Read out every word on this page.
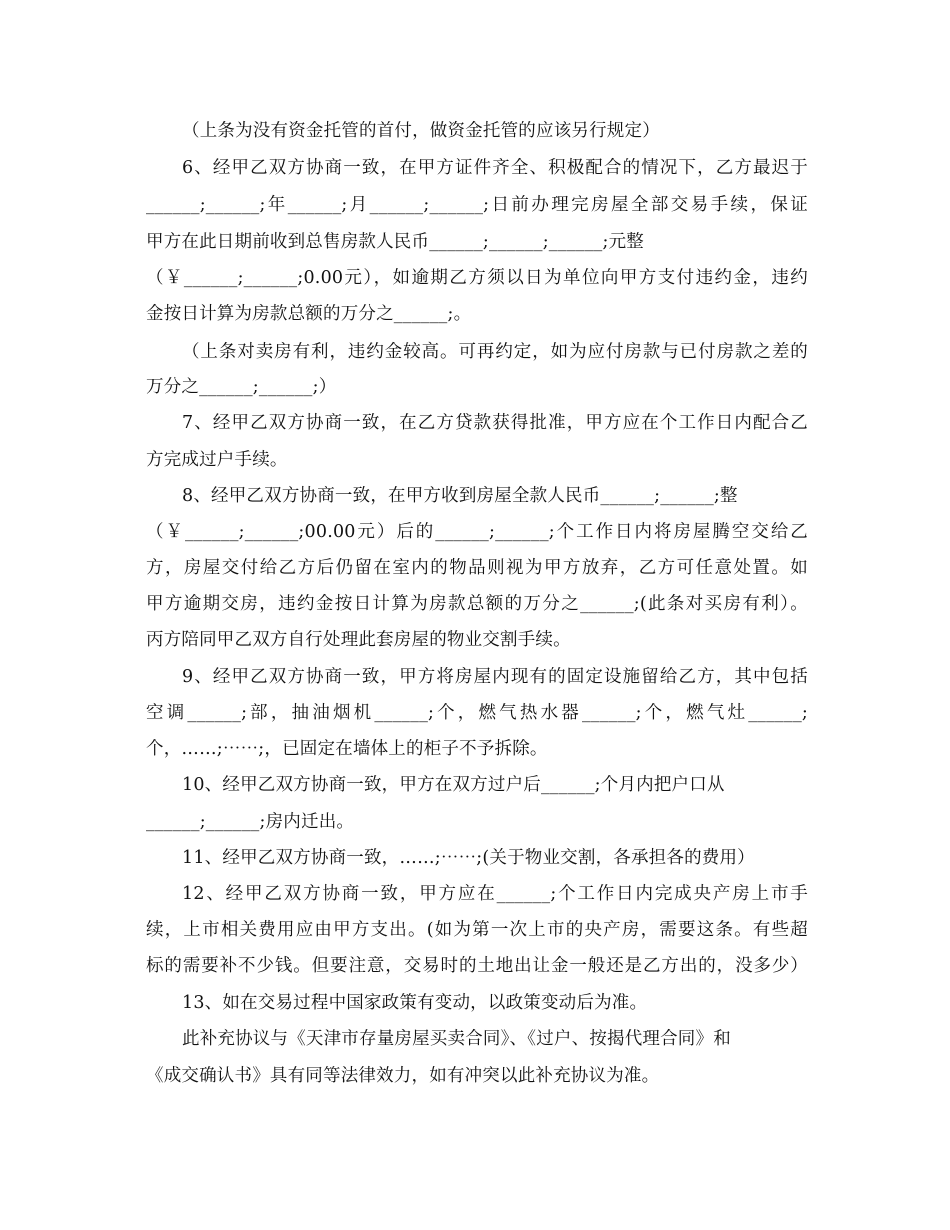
（上条为没有资金托管的首付，做资金托管的应该另行规定）
6、经甲乙双方协商一致，在甲方证件齐全、积极配合的情况下，乙方最迟于
______;______;年______;月______;______;日前办理完房屋全部交易手续，保证
甲方在此日期前收到总售房款人民币______;______;______;元整
（￥______;______;0.00元），如逾期乙方须以日为单位向甲方支付违约金，违约
金按日计算为房款总额的万分之______;。
（上条对卖房有利，违约金较高。可再约定，如为应付房款与已付房款之差的
万分之______;______;）
7、经甲乙双方协商一致，在乙方贷款获得批准，甲方应在个工作日内配合乙
方完成过户手续。
8、经甲乙双方协商一致，在甲方收到房屋全款人民币______;______;整
（￥______;______;00.00元）后的______;______;个工作日内将房屋腾空交给乙
方，房屋交付给乙方后仍留在室内的物品则视为甲方放弃，乙方可任意处置。如
甲方逾期交房，违约金按日计算为房款总额的万分之______;(此条对买房有利）。
丙方陪同甲乙双方自行处理此套房屋的物业交割手续。
9、经甲乙双方协商一致，甲方将房屋内现有的固定设施留给乙方，其中包括
空调______;部，抽油烟机______;个，燃气热水器______;个，燃气灶______;
个，……;⋯⋯;，已固定在墙体上的柜子不予拆除。
10、经甲乙双方协商一致，甲方在双方过户后______;个月内把户口从
______;______;房内迁出。
11、经甲乙双方协商一致，……;⋯⋯;(关于物业交割，各承担各的费用）
12、经甲乙双方协商一致，甲方应在______;个工作日内完成央产房上市手
续，上市相关费用应由甲方支出。(如为第一次上市的央产房，需要这条。有些超
标的需要补不少钱。但要注意，交易时的土地出让金一般还是乙方出的，没多少）
13、如在交易过程中国家政策有变动，以政策变动后为准。
此补充协议与《天津市存量房屋买卖合同》、《过户、按揭代理合同》和
《成交确认书》具有同等法律效力，如有冲突以此补充协议为准。
